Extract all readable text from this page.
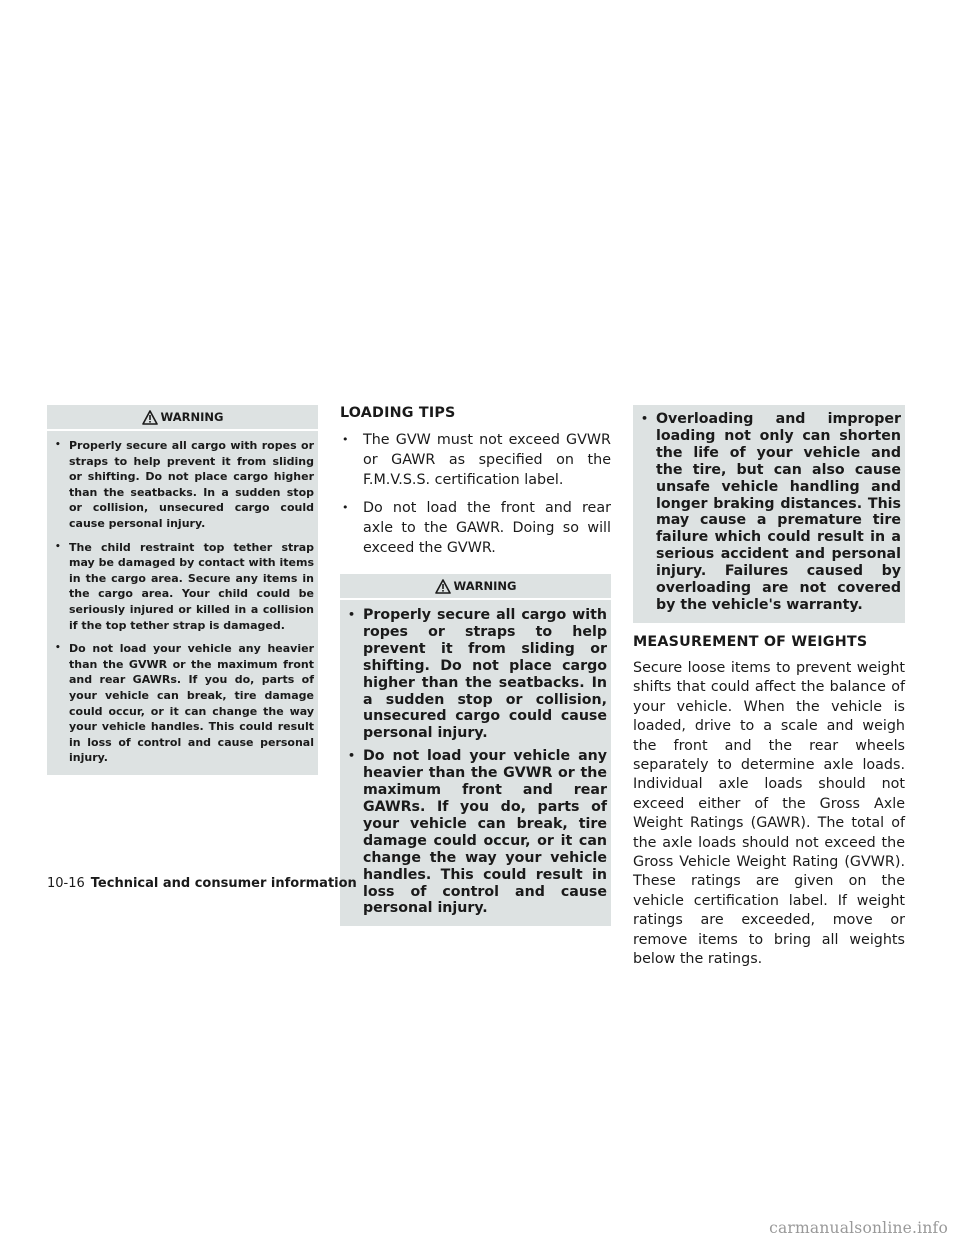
WARNING
• Properly secure all cargo with ropes or straps to help prevent it from sliding or shifting. Do not place cargo higher than the seatbacks. In a sudden stop or collision, unsecured cargo could cause personal injury.
• The child restraint top tether strap may be damaged by contact with items in the cargo area. Secure any items in the cargo area. Your child could be seriously injured or killed in a collision if the top tether strap is damaged.
• Do not load your vehicle any heavier than the GVWR or the maximum front and rear GAWRs. If you do, parts of your vehicle can break, tire damage could occur, or it can change the way your vehicle handles. This could result in loss of control and cause personal injury.
LOADING TIPS
•	The GVW must not exceed GVWR or GAWR as specified on the F.M.V.S.S. certification label.
•	Do not load the front and rear axle to the GAWR. Doing so will exceed the GVWR.
WARNING
• Properly secure all cargo with ropes or straps to help prevent it from sliding or shifting. Do not place cargo higher than the seatbacks. In a sudden stop or collision, unsecured cargo could cause personal injury.
• Do not load your vehicle any heavier than the GVWR or the maximum front and rear GAWRs. If you do, parts of your vehicle can break, tire damage could occur, or it can change the way your vehicle handles. This could result in loss of control and cause personal injury.
• Overloading and improper loading not only can shorten the life of your vehicle and the tire, but can also cause unsafe vehicle handling and longer braking distances. This may cause a premature tire failure which could result in a serious accident and personal injury. Failures caused by overloading are not covered by the vehicle's warranty.
MEASUREMENT OF WEIGHTS

Secure loose items to prevent weight shifts that could affect the balance of your vehicle. When the vehicle is loaded, drive to a scale and weigh the front and the rear wheels separately to determine axle loads. Individual axle loads should not exceed either of the Gross Axle Weight Ratings (GAWR). The total of the axle loads should not exceed the Gross Vehicle Weight Rating (GVWR). These ratings are given on the vehicle certification label. If weight ratings are exceeded, move or remove items to bring all weights below the ratings.

10-16 Technical and consumer information
carmanualsonline.info
